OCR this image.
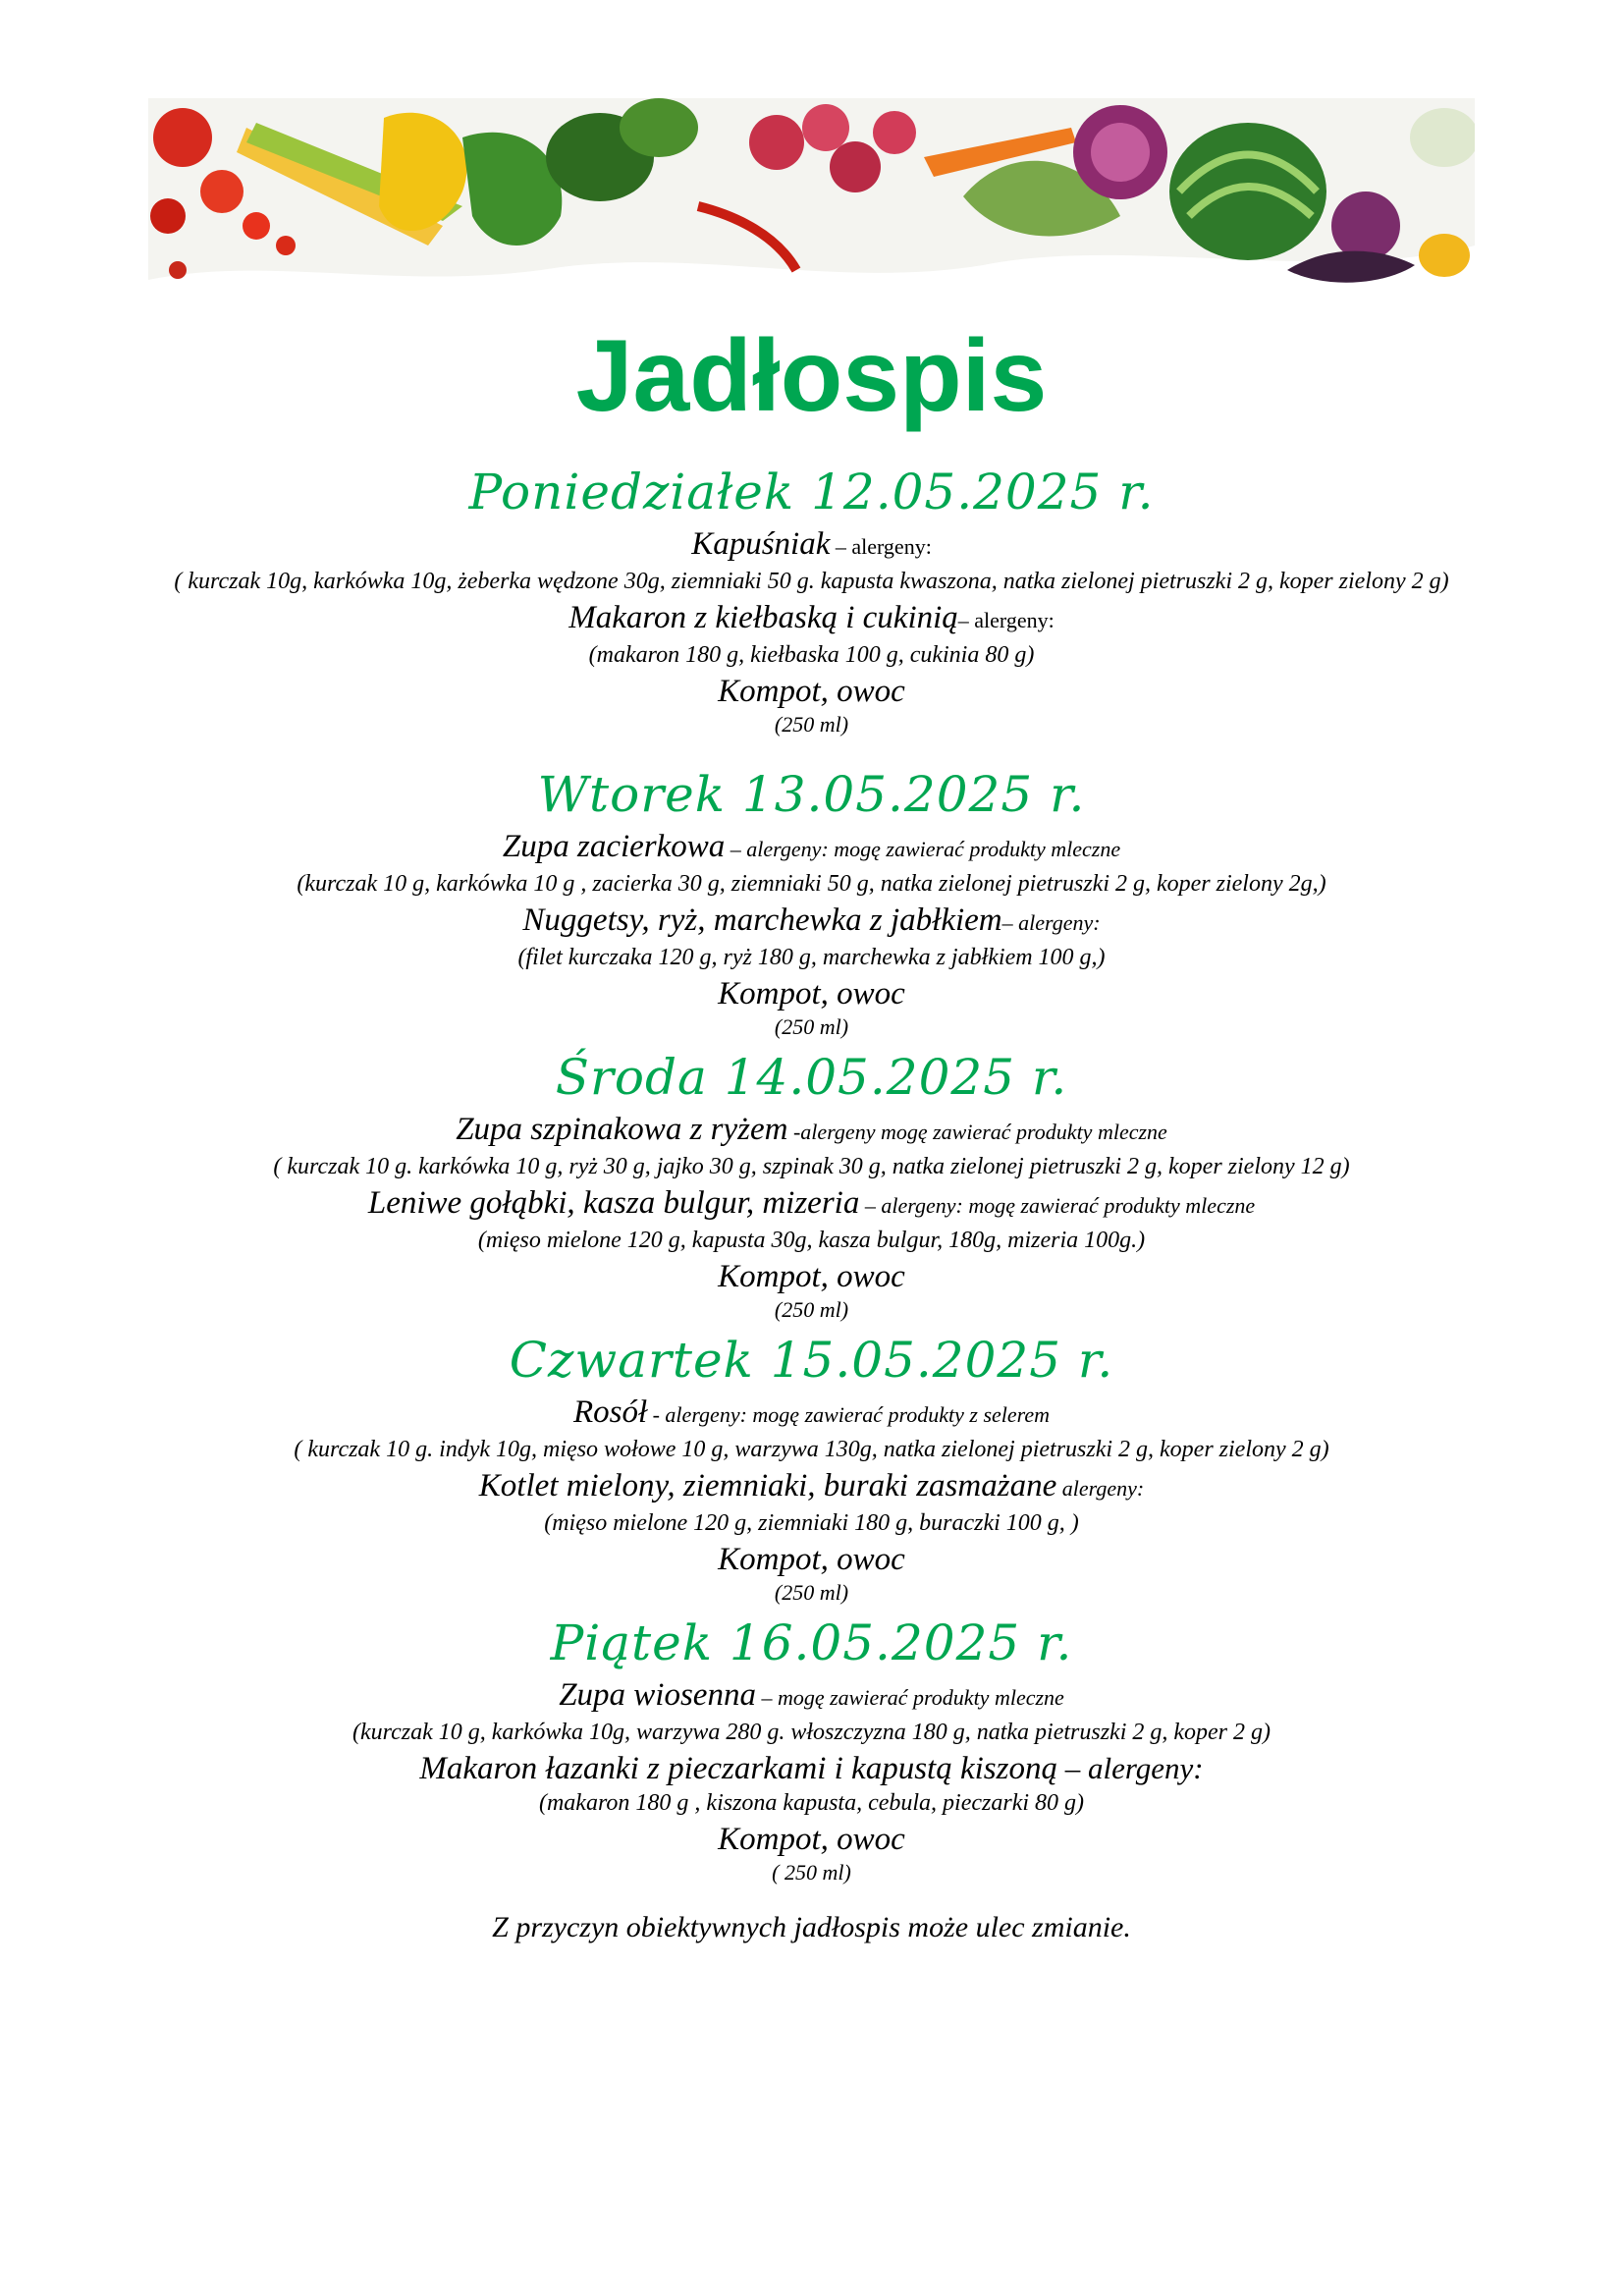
Jadłospis
Poniedziałek 12.05.2025 r.
Kapuśniak – alergeny:
( kurczak 10g, karkówka 10g, żeberka wędzone 30g, ziemniaki 50 g. kapusta kwaszona, natka zielonej pietruszki 2 g, koper zielony 2 g)
Makaron z kiełbaską i cukinią– alergeny:
(makaron 180 g, kiełbaska 100 g, cukinia 80 g)
Kompot, owoc
(250 ml)
Wtorek 13.05.2025 r.
Zupa zacierkowa – alergeny: mogę zawierać produkty mleczne
(kurczak 10 g, karkówka 10 g , zacierka 30 g, ziemniaki 50 g, natka zielonej pietruszki 2 g, koper zielony 2g,)
Nuggetsy, ryż, marchewka z jabłkiem– alergeny:
(filet kurczaka 120 g, ryż 180 g, marchewka z jabłkiem 100 g,)
Kompot, owoc
(250 ml)
Środa 14.05.2025 r.
Zupa szpinakowa z ryżem -alergeny mogę zawierać produkty mleczne
( kurczak 10 g. karkówka 10 g, ryż 30 g, jajko 30 g, szpinak 30 g, natka zielonej pietruszki 2 g, koper zielony 12 g)
Leniwe gołąbki, kasza bulgur, mizeria – alergeny: mogę zawierać produkty mleczne
(mięso mielone 120 g, kapusta 30g, kasza bulgur, 180g, mizeria 100g.)
Kompot, owoc
(250 ml)
Czwartek 15.05.2025 r.
Rosół - alergeny: mogę zawierać produkty z selerem
( kurczak 10 g. indyk 10g, mięso wołowe 10 g, warzywa 130g, natka zielonej pietruszki 2 g, koper zielony 2 g)
Kotlet mielony, ziemniaki, buraki zasmażane alergeny:
(mięso mielone 120 g, ziemniaki 180 g, buraczki 100 g, )
Kompot, owoc
(250 ml)
Piątek 16.05.2025 r.
Zupa wiosenna – mogę zawierać produkty mleczne
(kurczak 10 g, karkówka 10g, warzywa 280 g. włoszczyzna 180 g, natka pietruszki 2 g, koper 2 g)
Makaron łazanki z pieczarkami i kapustą kiszoną – alergeny:
(makaron 180 g , kiszona kapusta, cebula, pieczarki 80 g)
Kompot, owoc
( 250 ml)
Z przyczyn obiektywnych jadłospis może ulec zmianie.
